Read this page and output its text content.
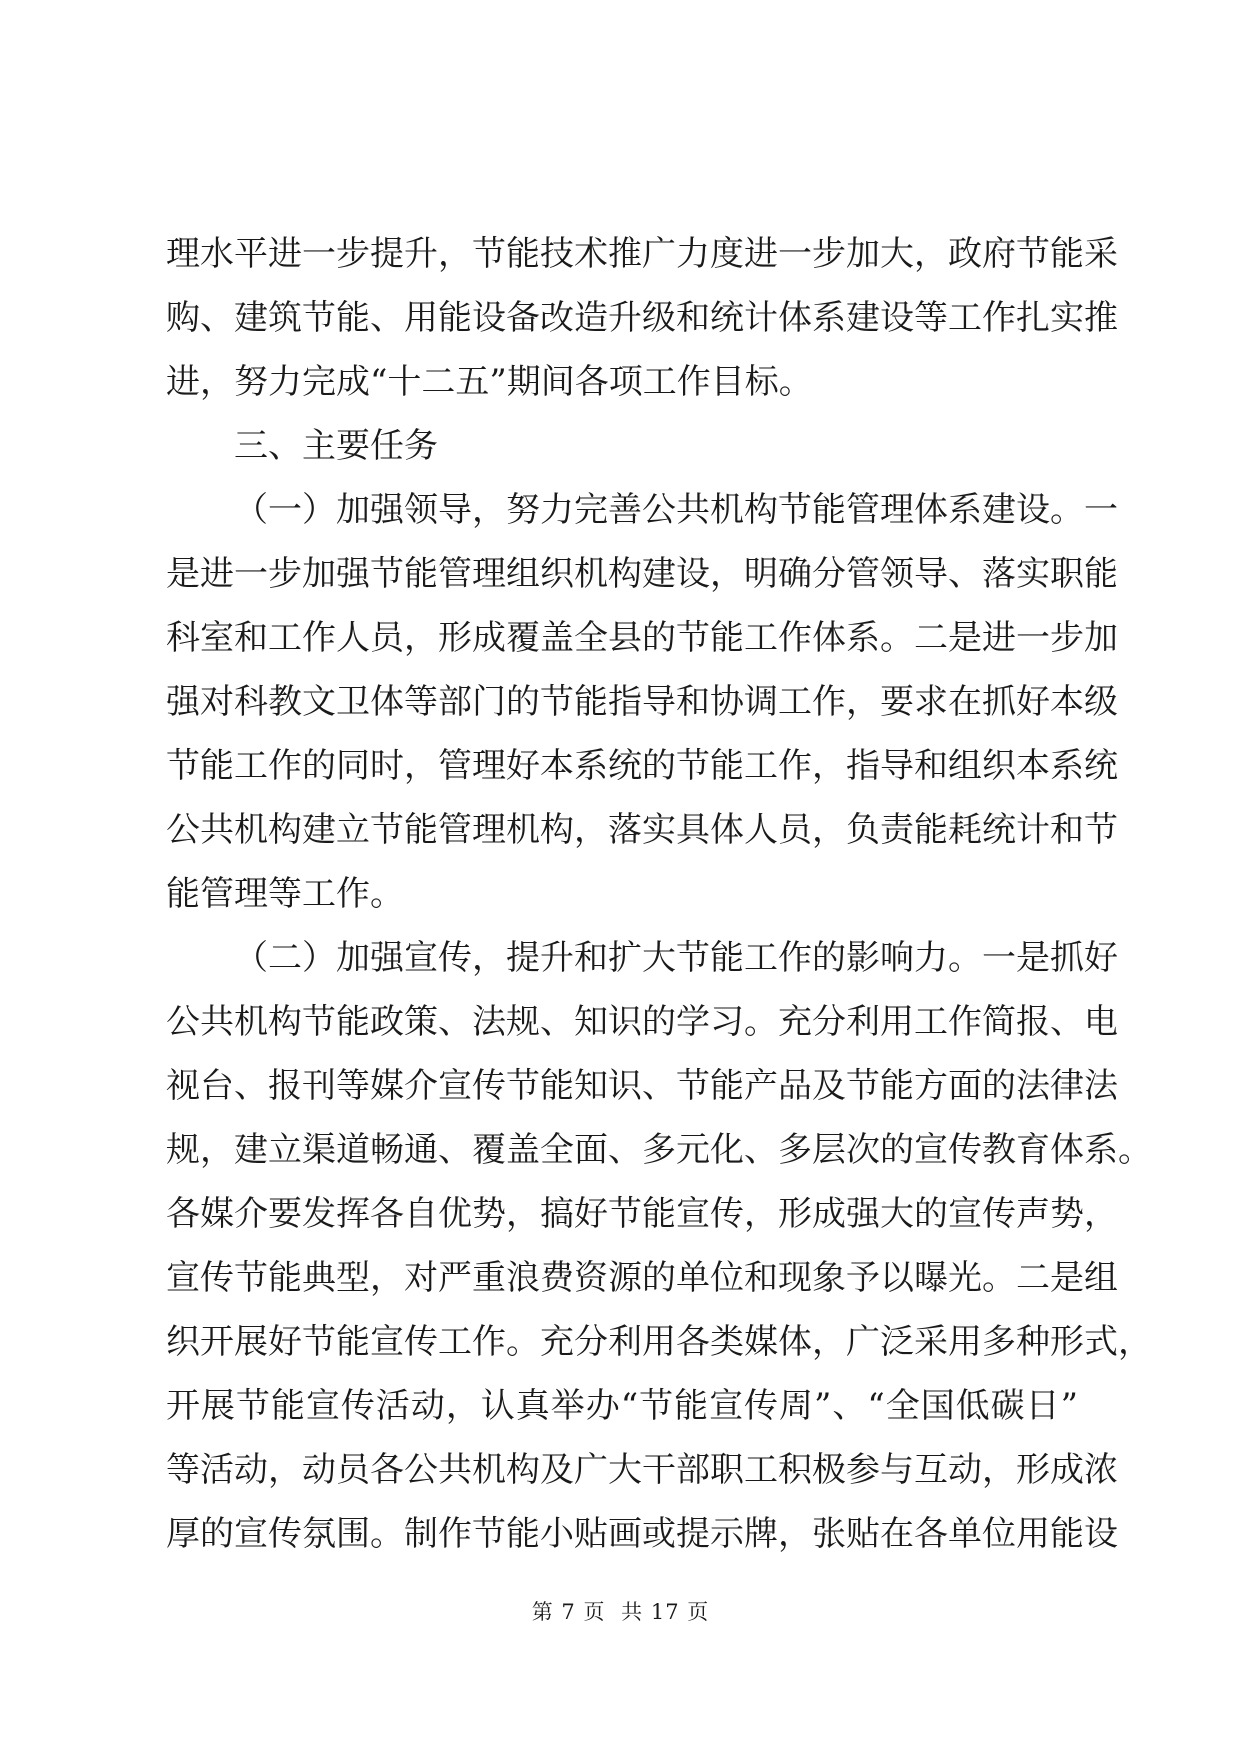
理水平进一步提升，节能技术推广力度进一步加大，政府节能采
购、建筑节能、用能设备改造升级和统计体系建设等工作扎实推
进，努力完成“十二五”期间各项工作目标。
三、主要任务
（一）加强领导，努力完善公共机构节能管理体系建设。一
是进一步加强节能管理组织机构建设，明确分管领导、落实职能
科室和工作人员，形成覆盖全县的节能工作体系。二是进一步加
强对科教文卫体等部门的节能指导和协调工作，要求在抓好本级
节能工作的同时，管理好本系统的节能工作，指导和组织本系统
公共机构建立节能管理机构，落实具体人员，负责能耗统计和节
能管理等工作。
（二）加强宣传，提升和扩大节能工作的影响力。一是抓好
公共机构节能政策、法规、知识的学习。充分利用工作简报、电
视台、报刊等媒介宣传节能知识、节能产品及节能方面的法律法
规，建立渠道畅通、覆盖全面、多元化、多层次的宣传教育体系。
各媒介要发挥各自优势，搞好节能宣传，形成强大的宣传声势，
宣传节能典型，对严重浪费资源的单位和现象予以曝光。二是组
织开展好节能宣传工作。充分利用各类媒体，广泛采用多种形式，
开展节能宣传活动，认真举办“节能宣传周”、“全国低碳日”
等活动，动员各公共机构及广大干部职工积极参与互动，形成浓
厚的宣传氛围。制作节能小贴画或提示牌，张贴在各单位用能设
第 7 页 共 17 页
